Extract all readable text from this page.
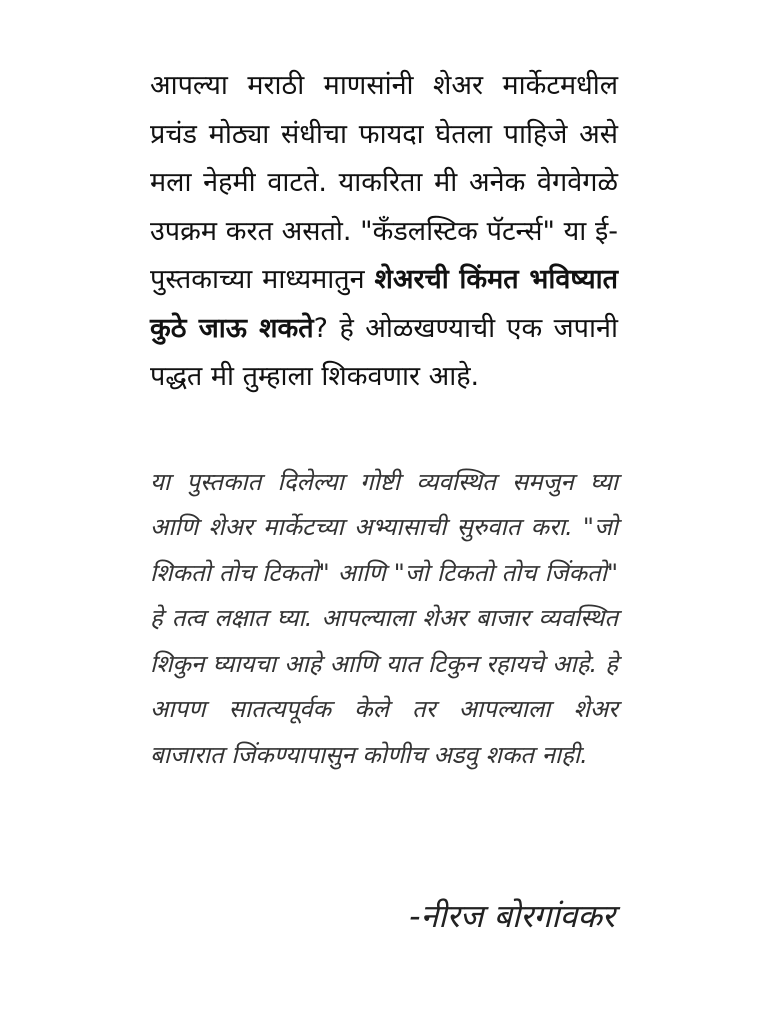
आपल्या मराठी माणसांनी शेअर मार्केटमधील प्रचंड मोठ्या संधीचा फायदा घेतला पाहिजे असे मला नेहमी वाटते. याकरिता मी अनेक वेगवेगळे उपक्रम करत असतो. "कॅंडलस्टिक पॅटर्न्स" या ई-पुस्तकाच्या माध्यमातुन शेअरची किंमत भविष्यात कुठे जाऊ शकते? हे ओळखण्याची एक जपानी पद्धत मी तुम्हाला शिकवणार आहे.

या पुस्तकात दिलेल्या गोष्टी व्यवस्थित समजुन घ्या आणि शेअर मार्केटच्या अभ्यासाची सुरुवात करा. "जो शिकतो तोच टिकतो" आणि "जो टिकतो तोच जिंकतो" हे तत्व लक्षात घ्या. आपल्याला शेअर बाजार व्यवस्थित शिकुन घ्यायचा आहे आणि यात टिकुन रहायचे आहे. हे आपण सातत्यपूर्वक केले तर आपल्याला शेअर बाजारात जिंकण्यापासुन कोणीच अडवु शकत नाही.

-नीरज बोरगांवकर
